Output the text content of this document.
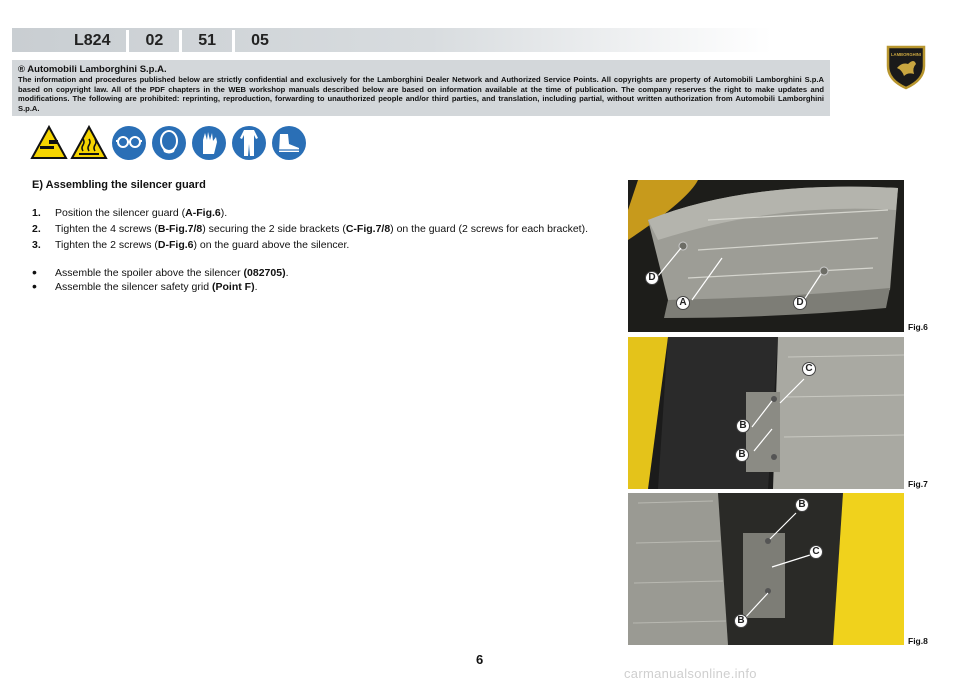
L824 02 51 05
® Automobili Lamborghini S.p.A.
The information and procedures published below are strictly confidential and exclusively for the Lamborghini Dealer Network and Authorized Service Points. All copyrights are property of Automobili Lamborghini S.p.A based on copyright law. All of the PDF chapters in the WEB workshop manuals described below are based on information available at the time of publication. The company reserves the right to make updates and modifications. The following are prohibited: reprinting, reproduction, forwarding to unauthorized people and/or third parties, and translation, including partial, without written authorization from Automobili Lamborghini S.p.A.
LAMBORGHINI
E) Assembling the silencer guard
1.	Position the silencer guard (A-Fig.6).
2.	Tighten the 4 screws (B-Fig.7/8) securing the 2 side brackets (C-Fig.7/8) on the guard (2 screws for each bracket).
3.	Tighten the 2 screws (D-Fig.6) on the guard above the silencer.
•	Assemble the spoiler above the silencer (082705).
•	Assemble the silencer safety grid (Point F).
D
A	D
Fig.6
C
B
B
Fig.7
B
C
B
Fig.8
6
carmanualsonline.info
